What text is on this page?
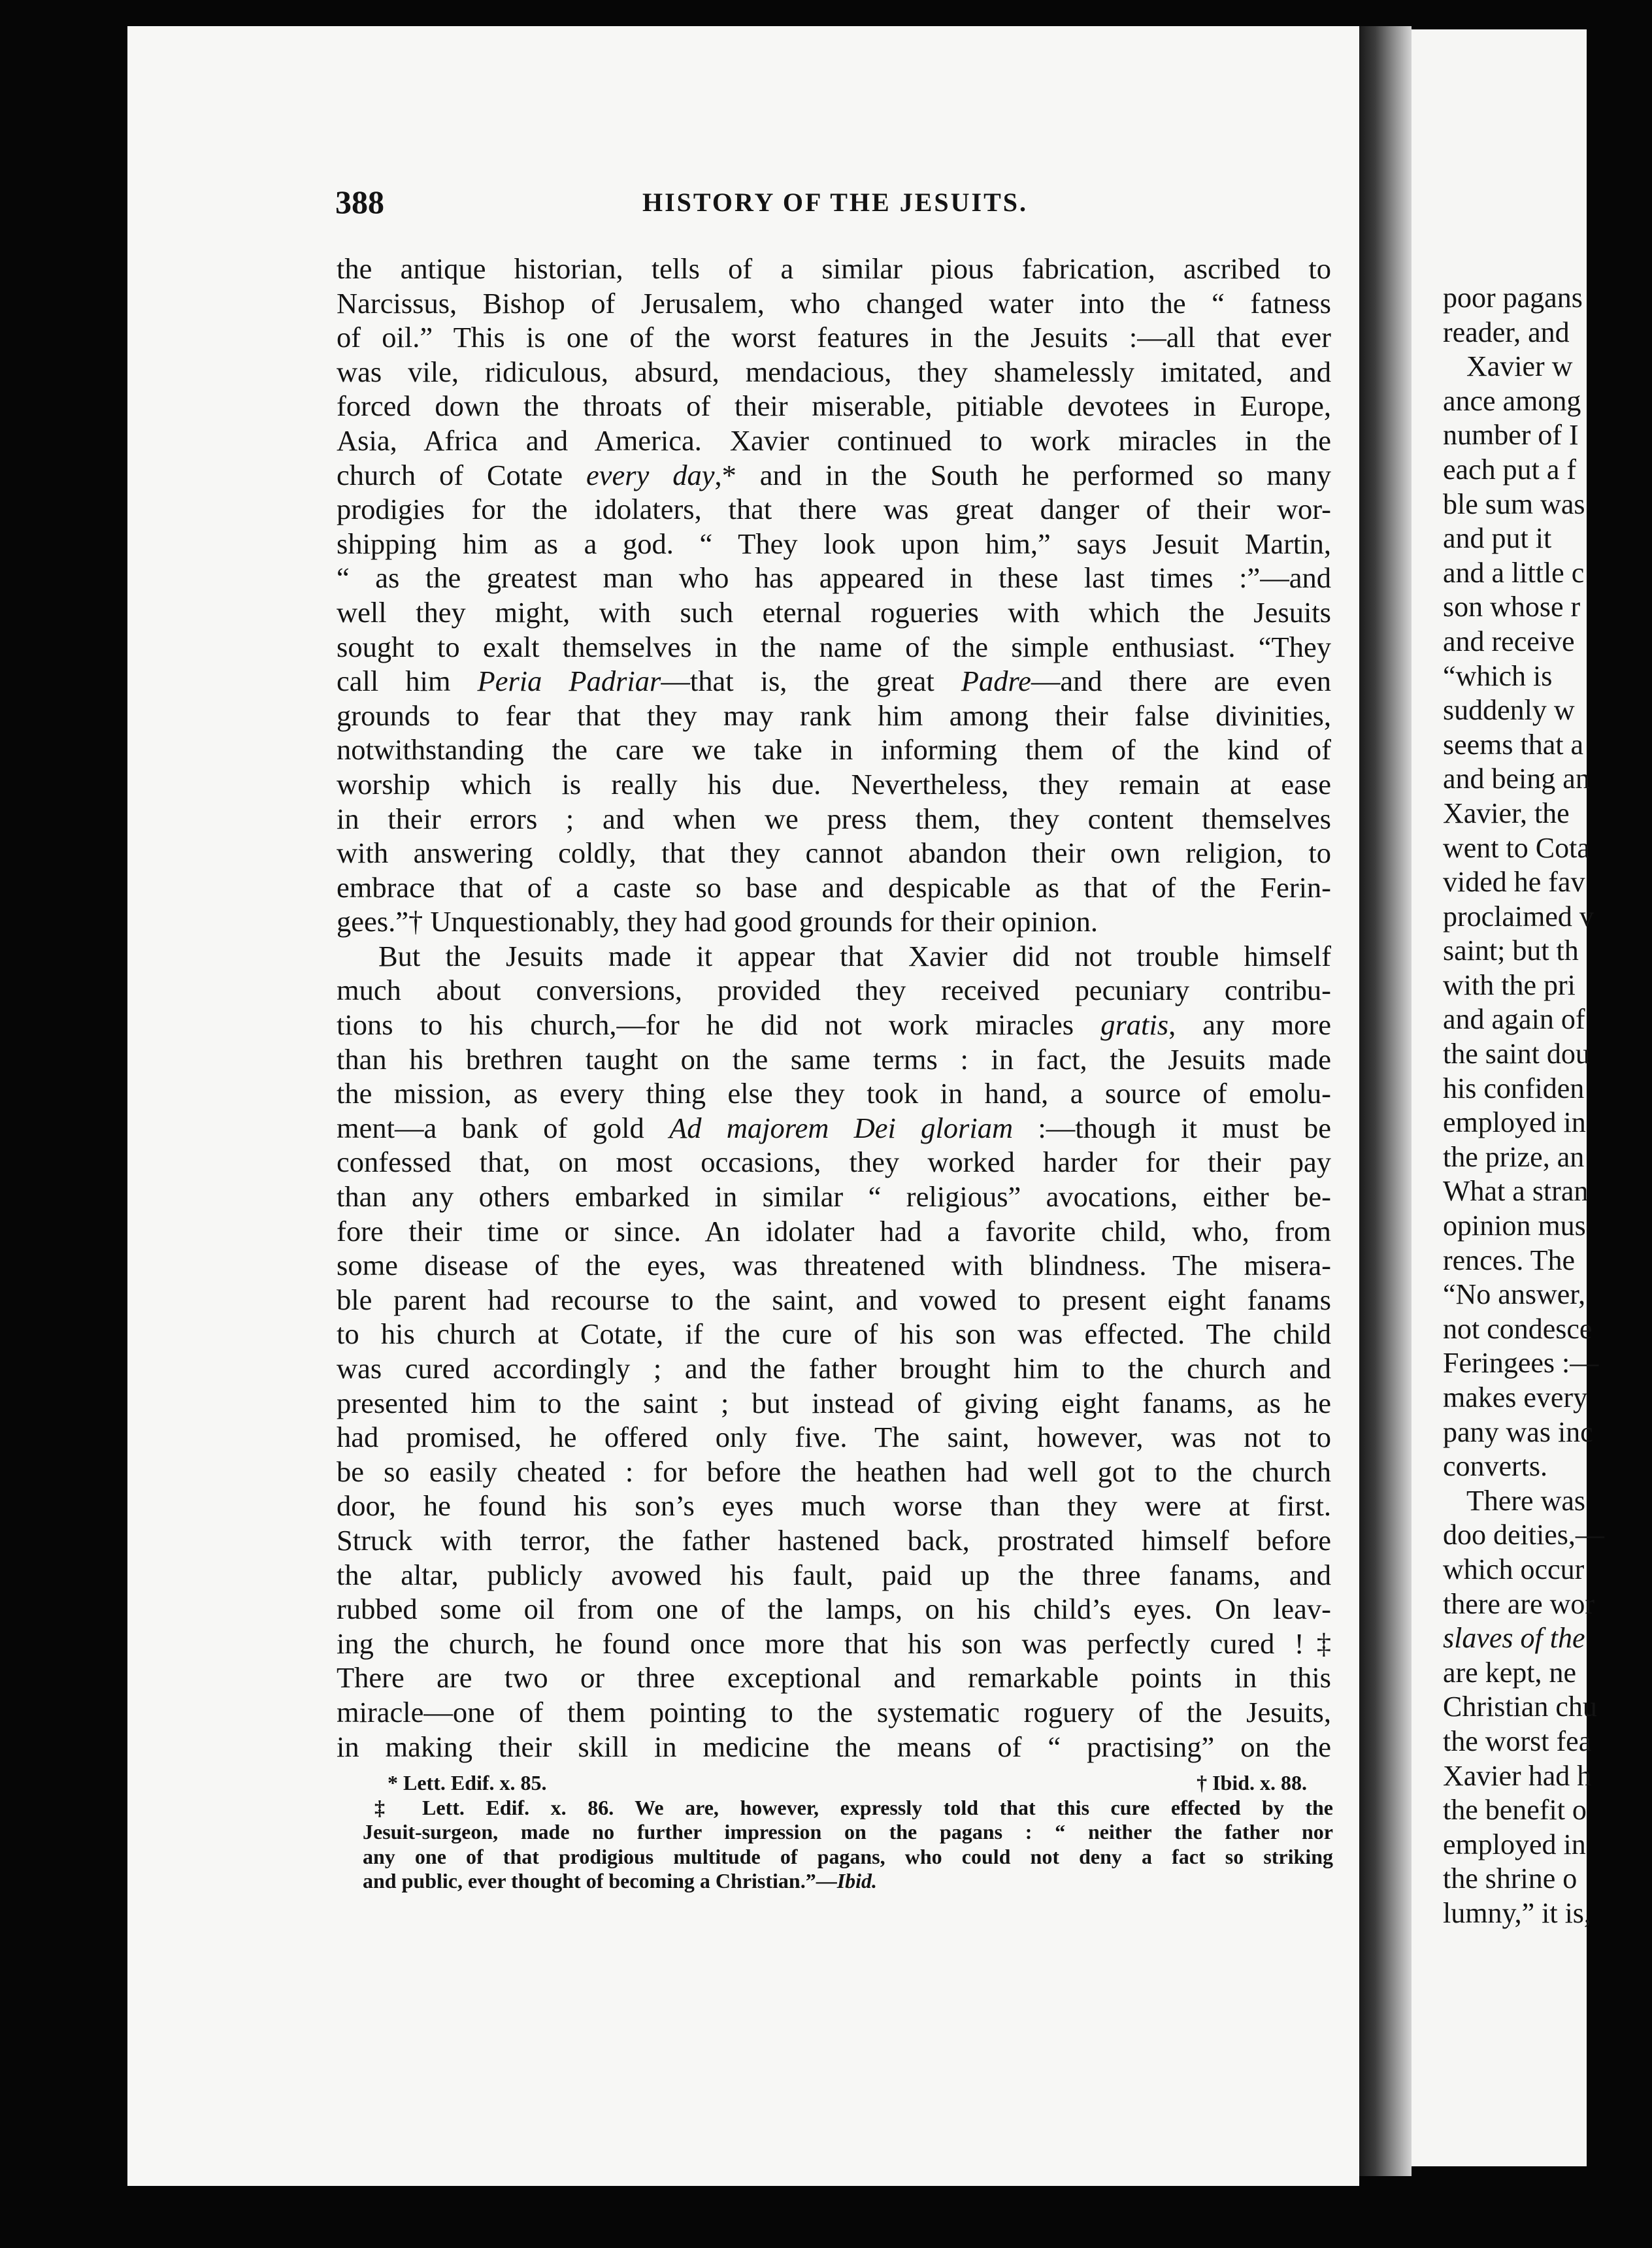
poor pagans
reader, and
Xavier w
ance among
number of I
each put a f
ble sum was
and put it
and a little c
son whose r
and receive
“which is
suddenly w
seems that a
and being an
Xavier, the
went to Cota
vided he fav
proclaimed v
saint; but th
with the pri
and again of
the saint dou
his confiden
employed in
the prize, an
What a stran
opinion mus
rences. The
“No answer,
not condesce
Feringees :—
makes every
pany was inc
converts.
There was
doo deities,—
which occur
there are wor
slaves of the
are kept, ne
Christian chu
the worst fea
Xavier had h
the benefit o
employed in
the shrine o
lumny,” it is,
388	HISTORY OF THE JESUITS.
the antique historian, tells of a similar pious fabrication, ascribed to
Narcissus, Bishop of Jerusalem, who changed water into the “ fatness
of oil.” This is one of the worst features in the Jesuits :—all that ever
was vile, ridiculous, absurd, mendacious, they shamelessly imitated, and
forced down the throats of their miserable, pitiable devotees in Europe,
Asia, Africa and America. Xavier continued to work miracles in the
church of Cotate every day,* and in the South he performed so many
prodigies for the idolaters, that there was great danger of their wor-
shipping him as a god. “ They look upon him,” says Jesuit Martin,
“ as the greatest man who has appeared in these last times :”—and
well they might, with such eternal rogueries with which the Jesuits
sought to exalt themselves in the name of the simple enthusiast. “They
call him Peria Padriar—that is, the great Padre—and there are even
grounds to fear that they may rank him among their false divinities,
notwithstanding the care we take in informing them of the kind of
worship which is really his due. Nevertheless, they remain at ease
in their errors ; and when we press them, they content themselves
with answering coldly, that they cannot abandon their own religion, to
embrace that of a caste so base and despicable as that of the Ferin-
gees.”† Unquestionably, they had good grounds for their opinion.
But the Jesuits made it appear that Xavier did not trouble himself
much about conversions, provided they received pecuniary contribu-
tions to his church,—for he did not work miracles gratis, any more
than his brethren taught on the same terms : in fact, the Jesuits made
the mission, as every thing else they took in hand, a source of emolu-
ment—a bank of gold Ad majorem Dei gloriam :—though it must be
confessed that, on most occasions, they worked harder for their pay
than any others embarked in similar “ religious” avocations, either be-
fore their time or since. An idolater had a favorite child, who, from
some disease of the eyes, was threatened with blindness. The misera-
ble parent had recourse to the saint, and vowed to present eight fanams
to his church at Cotate, if the cure of his son was effected. The child
was cured accordingly ; and the father brought him to the church and
presented him to the saint ; but instead of giving eight fanams, as he
had promised, he offered only five. The saint, however, was not to
be so easily cheated : for before the heathen had well got to the church
door, he found his son’s eyes much worse than they were at first.
Struck with terror, the father hastened back, prostrated himself before
the altar, publicly avowed his fault, paid up the three fanams, and
rubbed some oil from one of the lamps, on his child’s eyes. On leav-
ing the church, he found once more that his son was perfectly cured !‡
There are two or three exceptional and remarkable points in this
miracle—one of them pointing to the systematic roguery of the Jesuits,
in making their skill in medicine the means of “ practising” on the
* Lett. Edif. x. 85.	† Ibid. x. 88.
‡ Lett. Edif. x. 86. We are, however, expressly told that this cure effected by the
Jesuit-surgeon, made no further impression on the pagans : “ neither the father nor
any one of that prodigious multitude of pagans, who could not deny a fact so striking
and public, ever thought of becoming a Christian.”—Ibid.
